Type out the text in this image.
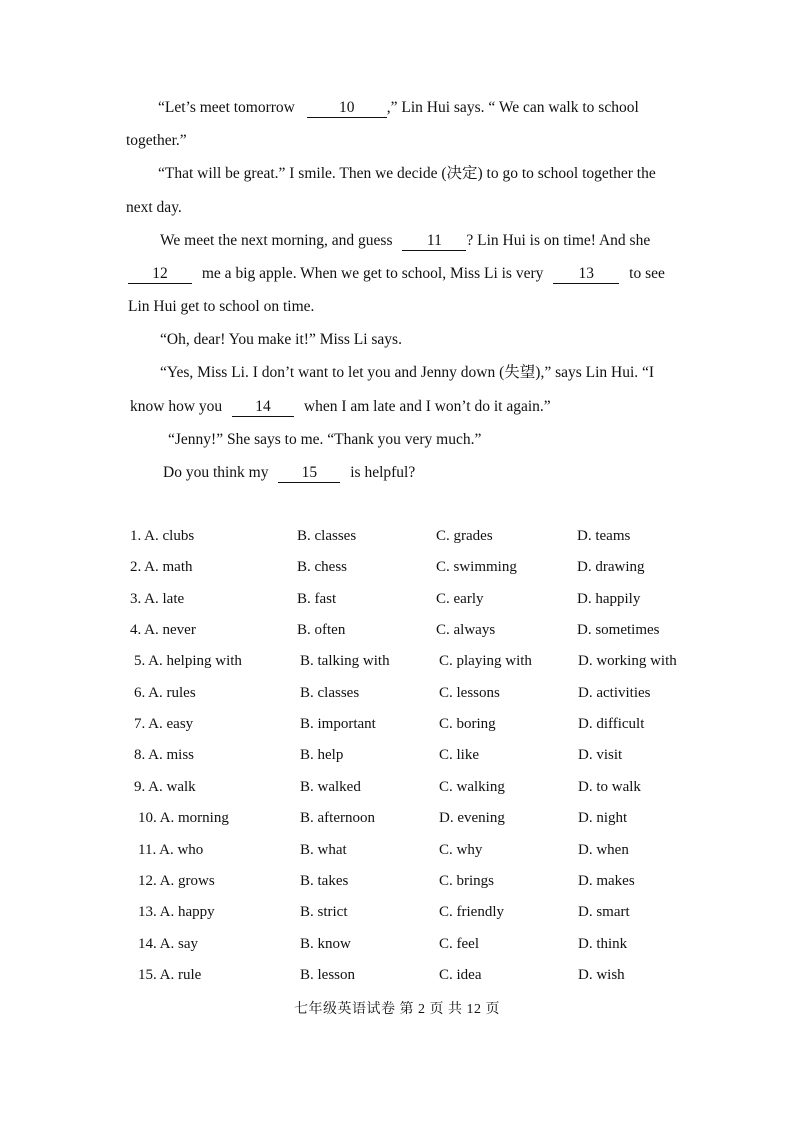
“Let’s meet tomorrow	10 ,” Lin Hui says. “ We can walk to school
together.”
“That will be great.” I smile. Then we decide (决定) to go to school together the
next day.
We meet the next morning, and guess 11 ? Lin Hui is on time! And she
12 me a big apple. When we get to school, Miss Li is very 13 to see
Lin Hui get to school on time.
“Oh, dear! You make it!” Miss Li says.
“Yes, Miss Li. I don’t want to let you and Jenny down (失望),” says Lin Hui. “I
know how you 14 when I am late and I won’t do it again.”
“Jenny!” She says to me. “Thank you very much.”
Do you think my 15 is helpful?
1. A. clubs	B. classes	C. grades	D. teams
2. A. math	B. chess	C. swimming	D. drawing
3. A. late	B. fast	C. early	D. happily
4. A. never	B. often	C. always	D. sometimes
5. A. helping with	B. talking with	C. playing with	D. working with
6. A. rules	B. classes	C. lessons	D. activities
7. A. easy	B. important	C. boring	D. difficult
8. A. miss	B. help	C. like	D. visit
9. A. walk	B. walked	C. walking	D. to walk
10. A. morning	B. afternoon	D. evening	D. night
11. A. who	B. what	C. why	D. when
12. A. grows	B. takes	C. brings	D. makes
13. A. happy	B. strict	C. friendly	D. smart
14. A. say	B. know	C. feel	D. think
15. A. rule	B. lesson	C. idea	D. wish
七年级英语试卷 第 2 页 共 12 页
